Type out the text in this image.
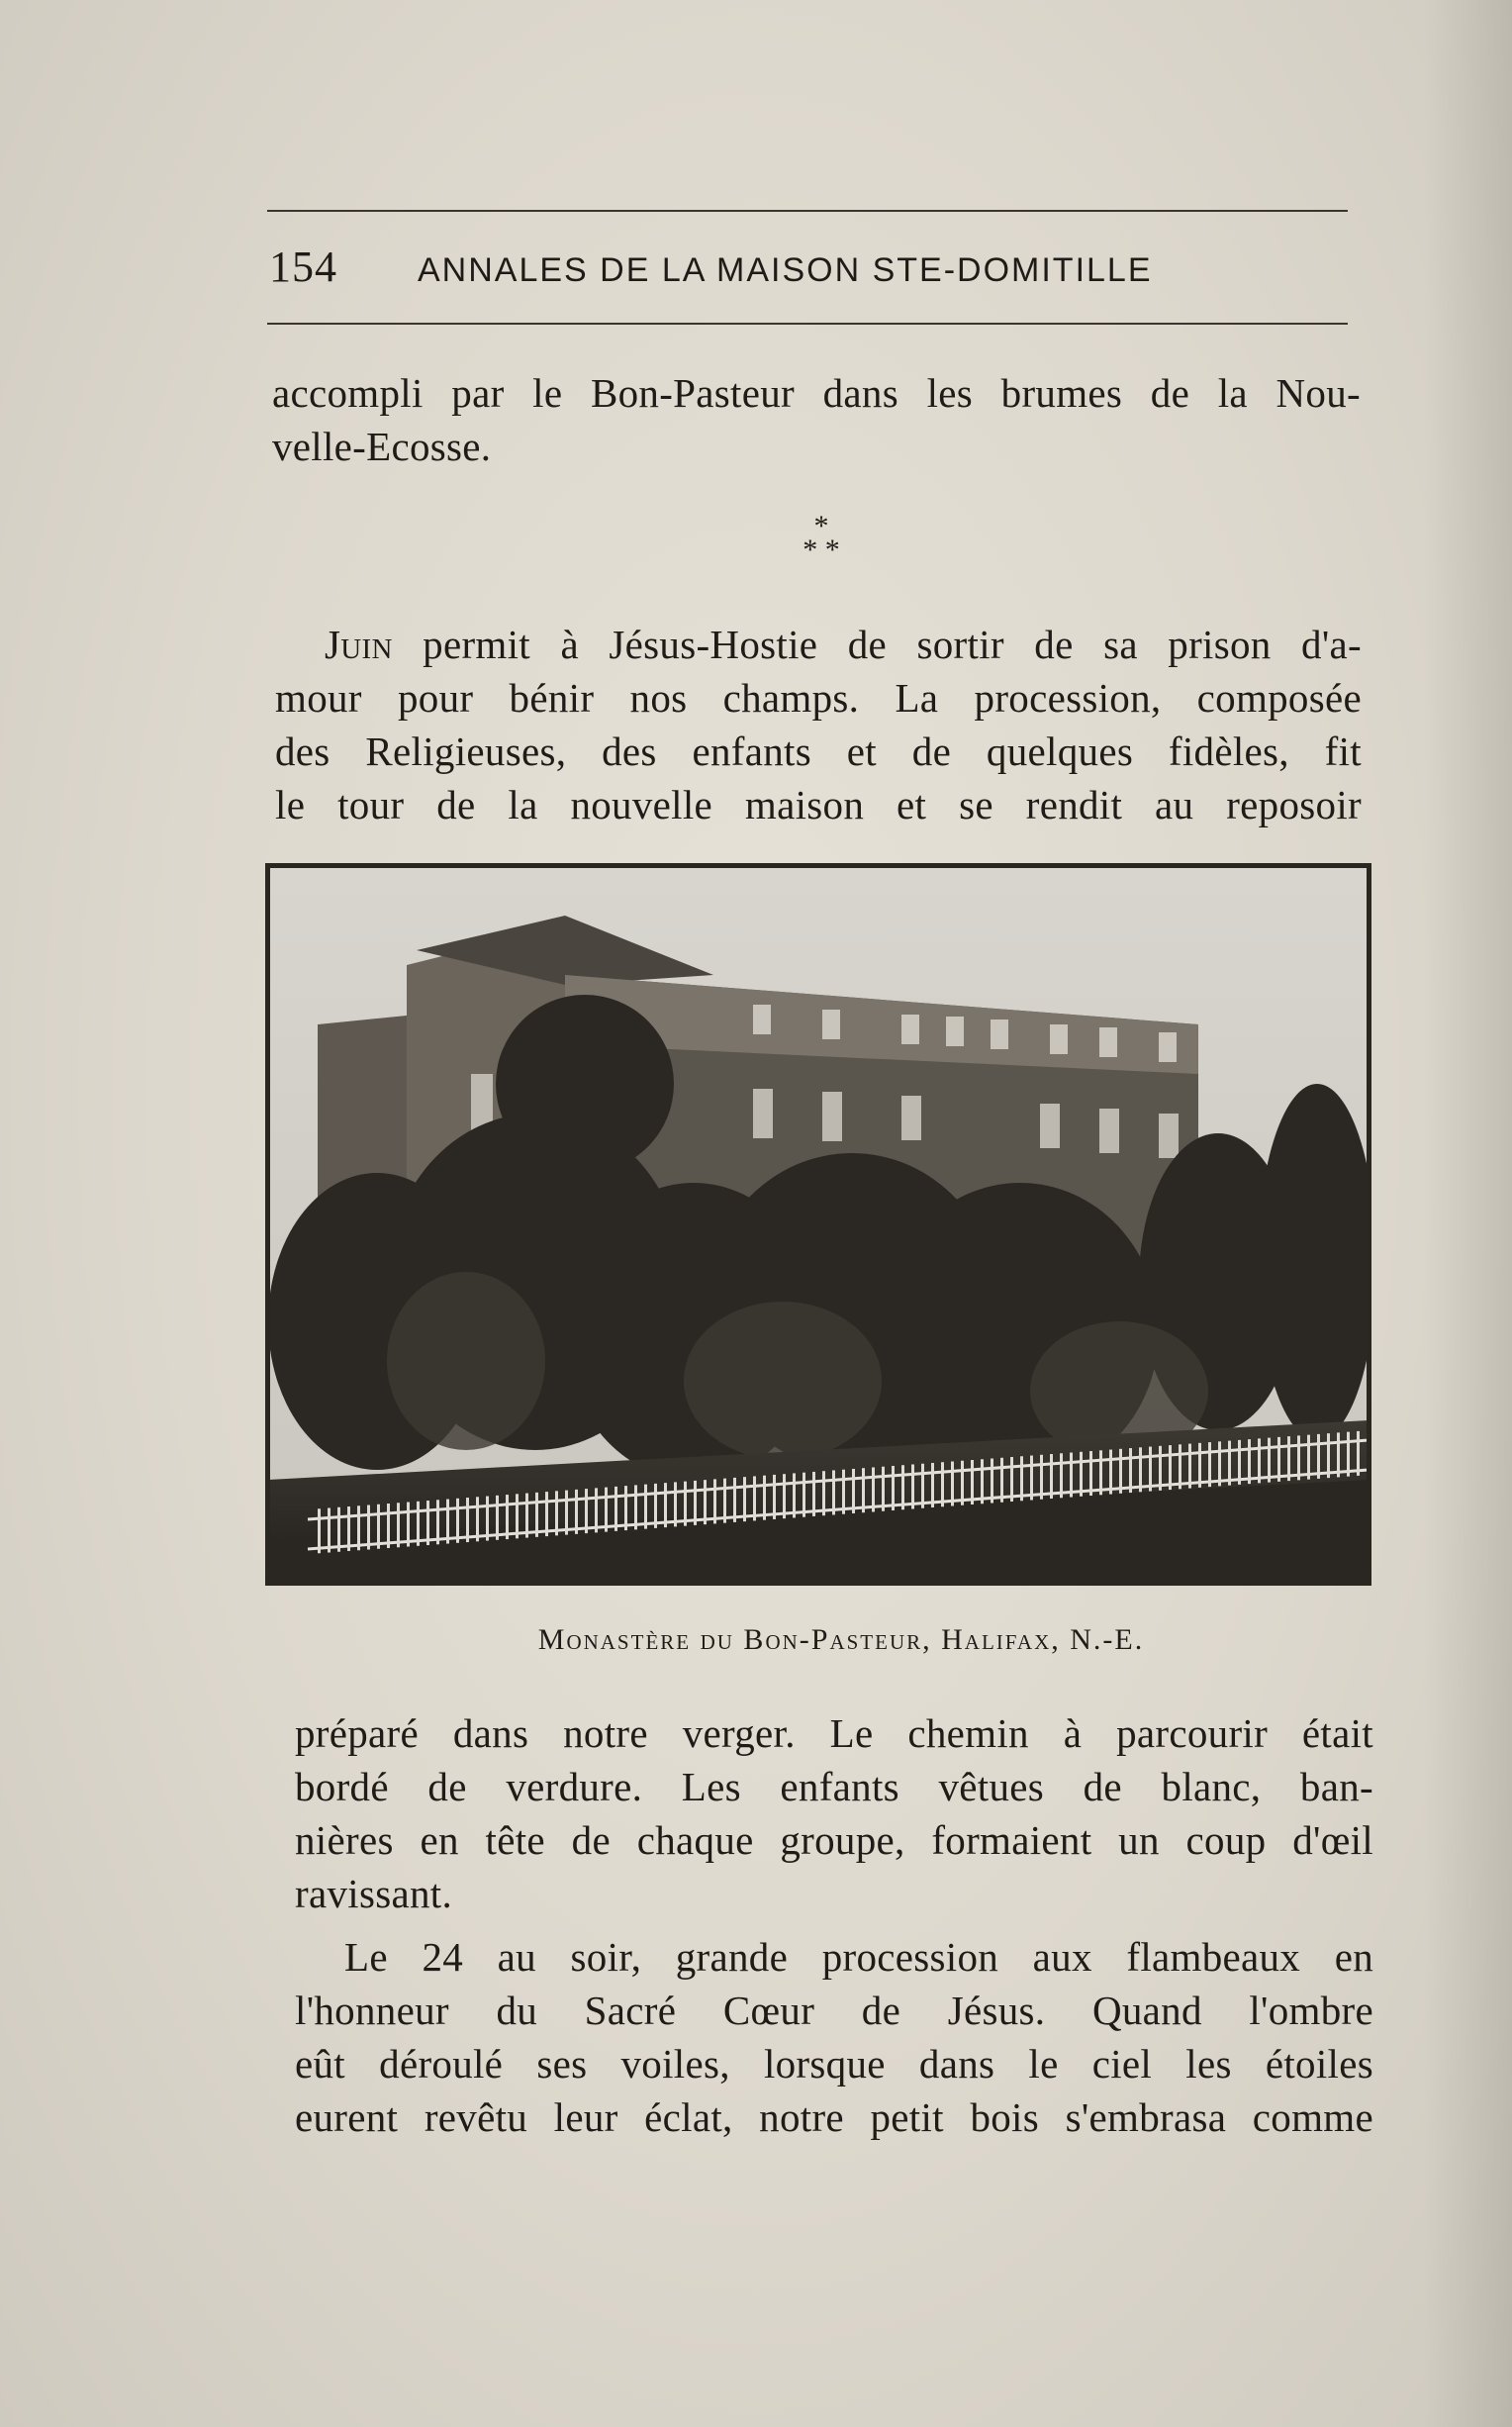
154	ANNALES DE LA MAISON STE-DOMITILLE
accompli par le Bon-Pasteur dans les brumes de la Nou-
velle-Ecosse.
*
* *
Juin permit à Jésus-Hostie de sortir de sa prison d'a-
mour pour bénir nos champs. La procession, composée
des Religieuses, des enfants et de quelques fidèles, fit
le tour de la nouvelle maison et se rendit au reposoir
Monastère du Bon-Pasteur, Halifax, N.-E.
préparé dans notre verger. Le chemin à parcourir était
bordé de verdure. Les enfants vêtues de blanc, ban-
nières en tête de chaque groupe, formaient un coup d'œil
ravissant.
Le 24 au soir, grande procession aux flambeaux en
l'honneur du Sacré Cœur de Jésus. Quand l'ombre
eût déroulé ses voiles, lorsque dans le ciel les étoiles
eurent revêtu leur éclat, notre petit bois s'embrasa comme
